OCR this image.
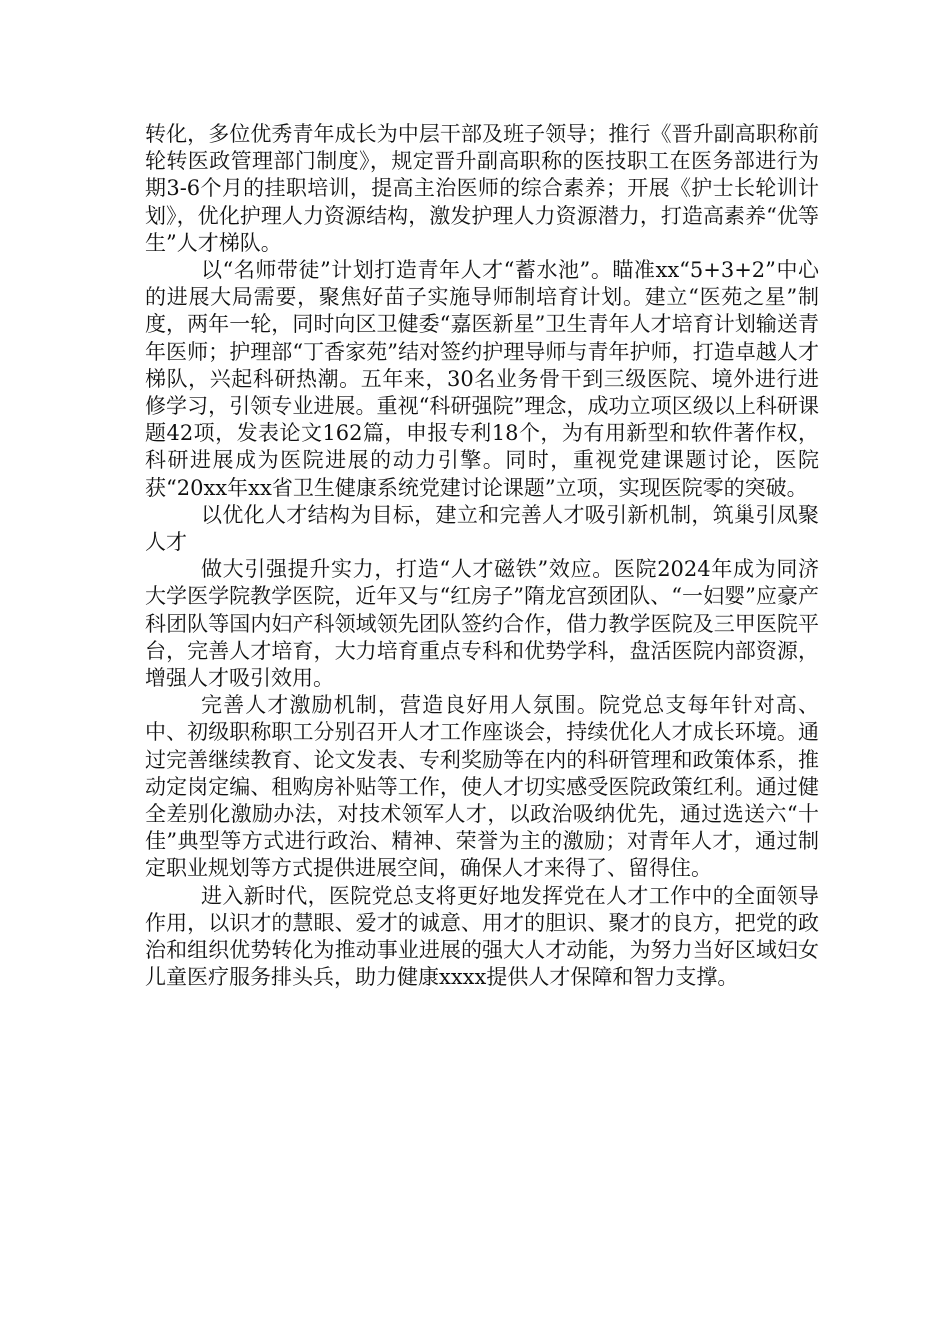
转化，多位优秀青年成长为中层干部及班子领导；推行《晋升副高职称前轮转医政管理部门制度》，规定晋升副高职称的医技职工在医务部进行为期3-6个月的挂职培训，提高主治医师的综合素养；开展《护士长轮训计划》，优化护理人力资源结构，激发护理人力资源潜力，打造高素养“优等生”人才梯队。

以“名师带徒”计划打造青年人才“蓄水池”。瞄准xx“5+3+2”中心的进展大局需要，聚焦好苗子实施导师制培育计划。建立“医苑之星”制度，两年一轮，同时向区卫健委“嘉医新星”卫生青年人才培育计划输送青年医师；护理部“丁香家苑”结对签约护理导师与青年护师，打造卓越人才梯队，兴起科研热潮。五年来，30名业务骨干到三级医院、境外进行进修学习，引领专业进展。重视“科研强院”理念，成功立项区级以上科研课题42项，发表论文162篇，申报专利18个，为有用新型和软件著作权，科研进展成为医院进展的动力引擎。同时，重视党建课题讨论，医院获“20xx年xx省卫生健康系统党建讨论课题”立项，实现医院零的突破。

以优化人才结构为目标，建立和完善人才吸引新机制，筑巢引凤聚人才

做大引强提升实力，打造“人才磁铁”效应。医院2024年成为同济大学医学院教学医院，近年又与“红房子”隋龙宫颈团队、“一妇婴”应豪产科团队等国内妇产科领域领先团队签约合作，借力教学医院及三甲医院平台，完善人才培育，大力培育重点专科和优势学科，盘活医院内部资源，增强人才吸引效用。

完善人才激励机制，营造良好用人氛围。院党总支每年针对高、中、初级职称职工分别召开人才工作座谈会，持续优化人才成长环境。通过完善继续教育、论文发表、专利奖励等在内的科研管理和政策体系，推动定岗定编、租购房补贴等工作，使人才切实感受医院政策红利。通过健全差别化激励办法，对技术领军人才，以政治吸纳优先，通过选送六“十佳”典型等方式进行政治、精神、荣誉为主的激励；对青年人才，通过制定职业规划等方式提供进展空间，确保人才来得了、留得住。

进入新时代，医院党总支将更好地发挥党在人才工作中的全面领导作用，以识才的慧眼、爱才的诚意、用才的胆识、聚才的良方，把党的政治和组织优势转化为推动事业进展的强大人才动能，为努力当好区域妇女儿童医疗服务排头兵，助力健康xxxx提供人才保障和智力支撑。
